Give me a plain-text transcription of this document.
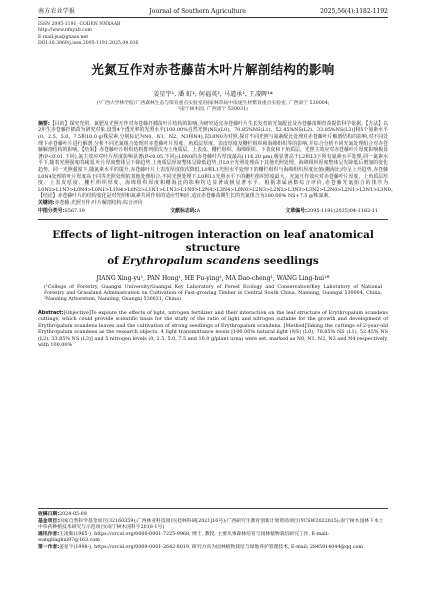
南方农业学报	Journal of Southern Agriculture	2025,56(4):1182-1192
ISSN 2095-1191; CODEN NNXAAB
http://www.nfnyxb.com
E-mail:jsa@gxaas.net
DOI:10.3969/j.issn.2095-1191.2025.04.016
光氮互作对赤苍藤苗木叶片解剖结构的影响
姜星宇¹, 潘 虹¹, 何福英², 马道承¹, 王凌晖¹*
(¹广西大学林学院/广西森林生态与保育重点实验室/国家林草局中南速生材繁育重点实验室, 广西南宁 530004;
²南宁树木园, 广西南宁 530031)
摘要:【目的】探究光照、氮肥及光照互作对赤苍藤扦插苗叶片结构的影响,为研究适宜赤苍藤叶片生长发育的光氮配比及赤苍藤苗期育苗提供科学依据。【方法】以2年生赤苍藤扦插苗为研究对象,设置4个透光率的光照水平[100.00%自然光照(NS)(L0)、70.85%NS(L1)、52.45%NS(L2)、33.85%NS(L3)]和5个氮素水平(0、2.5、5.0、7.5和10.0 g/株尿素,分别标记为N0、N1、N2、N3和N4),以L0N0为对照,探讨不同光照与氮素配比处理对赤苍藤叶片解剖结构的影响,对不同处理下赤苍藤叶片进行解剖,分析不同光氮组合处理对赤苍藤叶片厚度、角质层厚度、表皮厚度及栅栏组织和海绵组织等的影响,并综合分析不同光氮处理组合对赤苍藤解剖结构的影响。【结果】赤苍藤叶片组织结构排列依次为上角质层、上表皮、栅栏组织、海绵组织、下表皮和下角质层。光照主效应对赤苍藤叶片厚度影响极显著(P<0.01,下同),氮主效应对叶片厚度影响显著(P<0.05,下同);L0N0的赤苍藤叶片厚度最高(114.20 μm),极显著高于L2和L3下所有氮素水平处理;同一氮素水平下,随着光照强度的减弱,叶片厚度整体呈下降趋势,上角质层厚度整体呈降低趋势,且L0全光照处理高于其他光照处理。海绵组织厚度整体呈先降低后增加的变化趋势。同一光照强度下,随氮素水平的提升,赤苍藤叶片上表皮厚度依次降低,L0和L1光照水平处理下的栅栏组织与海绵组织厚度比值(栅海比)均呈上升趋势,赤苍藤L0N4处理的叶片厚度高于同等光照处理的其他处理组合;不同光照处理下,L0和L1光照水平下的栅栏组织厚度最大。光氮互作效应对赤苍藤叶片厚度、上角质层厚度、上表皮厚度、栅栏组织厚度、海绵组织厚度和栅海比的影响均达显著或极显著水平。根据隶属函数综合评价,赤苍藤光氮组合的排序为L0N2>L1N3>L0N4>L0N1>L1N4>L0N2>L1N1>L1N3>L1N0>L2N4>L3N4>L0N0>L2N3>L2N2>L3N3>L3N2>L2N0>L2N1>L3N1>L3N0。【结论】赤苍藤叶片的结构变化是对光照和氮素共同作用的适应性响应,适宜赤苍藤苗期生长的光氮组合为100.00% NS+7.5 g/株氮素。
关键词:赤苍藤;光照互作;叶片解剖结构;综合评价
中图分类号:S567.19	文献标志码:A	文章编号:2095-1191(2025)04-1182-11
Effects of light–nitrogen interaction on leaf anatomical structure
of Erythropalum scandens seedlings
JIANG Xing-yu¹, PAN Hong¹, HE Fu-ying², MA Dao-cheng¹, WANG Ling-hui¹*
(¹College of Forestry, Guangxi University/Guangxi Key Laboratory of Forest Ecology and Conservation/Key Laboratory of National Forestry and Grassland Administration on Cultivation of Fast-growing Timber in Central South China, Nanning, Guangxi 530004, China; ²Nanning Arboretum, Nanning, Guangxi 530031, China)
Abstract:[Objective]To explore the effects of light, nitrogen fertilizer and their interaction on the leaf structure of Erythropalum scandens cuttings, which could provide scientific basis for the study of the ratio of light and nitrogen suitable for the growth and development of Erythropalum scandens leaves and the cultivation of strong seedlings of Erythropalum scandens. [Method]Taking the cuttings of 2-year-old Erythropalum scandens as the research objects, 4 light transmittance levels [100.00% natural light (NS) (L0), 70.85% NS (L1), 52.45% NS (L2), 33.85% NS (L3)] and 5 nitrogen levels (0, 2.5, 5.0, 7.5 and 10.0 g/plant urea) were set, marked as N0, N1, N2, N3 and N4 respectively, with 100.00%
收稿日期:2024-05-09
基金项目:国家自然科学基金项目(32160359);广西林业科技项目(桂林科研[2021]16号);广西研究生教育创新计划资助项目(YCSW2022015);南宁树木园林下本土中草药种植技术研究与示范项目(南宁树木园科字2018-1号)
通讯作者:王凌晖(1965-), https://orcid.org/0000-0001-7225-9968, 博士, 教授, 主要从事森林培育与园林植物栽培研究工作, E-mail: wanglinghui97@163.com
第一作者:姜星宇(1998-), https://orcid.org/0009-0001-2642-8019, 研究方向为园林植物栽培与绿地养护管理技术, E-mail: 2845914044@qq.com
